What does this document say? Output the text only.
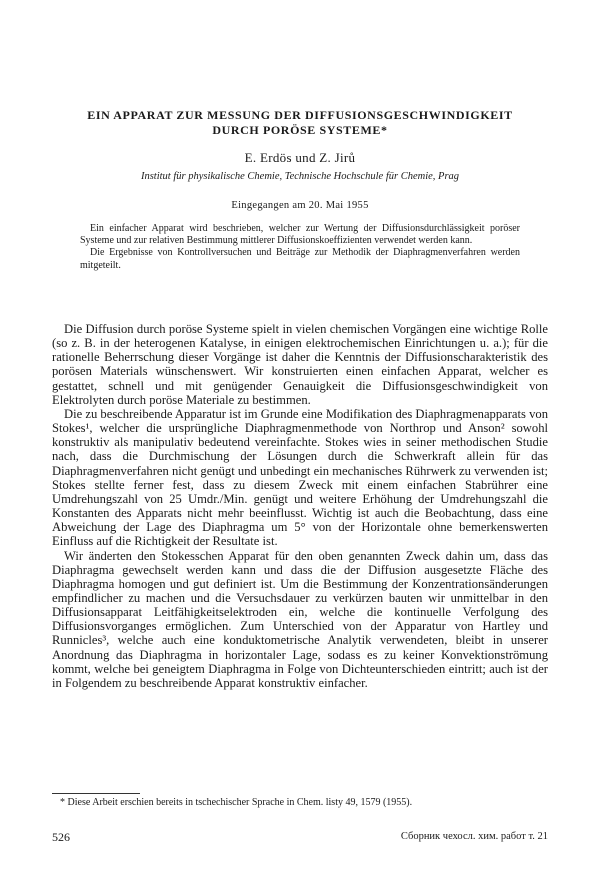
EIN APPARAT ZUR MESSUNG DER DIFFUSIONSGESCHWINDIGKEIT
DURCH PORÖSE SYSTEME*
E. Erdös und Z. Jirů
Institut für physikalische Chemie, Technische Hochschule für Chemie, Prag
Eingegangen am 20. Mai 1955

Ein einfacher Apparat wird beschrieben, welcher zur Wertung der Diffusionsdurchlässigkeit poröser Systeme und zur relativen Bestimmung mittlerer Diffusionskoeffizienten verwendet werden kann.

Die Ergebnisse von Kontrollversuchen und Beiträge zur Methodik der Diaphragmenverfahren werden mitgeteilt.

Die Diffusion durch poröse Systeme spielt in vielen chemischen Vorgängen eine wichtige Rolle (so z. B. in der heterogenen Katalyse, in einigen elektrochemischen Einrichtungen u. a.); für die rationelle Beherrschung dieser Vorgänge ist daher die Kenntnis der Diffusionscharakteristik des porösen Materials wünschenswert. Wir konstruierten einen einfachen Apparat, welcher es gestattet, schnell und mit genügender Genauigkeit die Diffusionsgeschwindigkeit von Elektrolyten durch poröse Materiale zu bestimmen.

Die zu beschreibende Apparatur ist im Grunde eine Modifikation des Diaphragmenapparats von Stokes¹, welcher die ursprüngliche Diaphragmenmethode von Northrop und Anson² sowohl konstruktiv als manipulativ bedeutend vereinfachte. Stokes wies in seiner methodischen Studie nach, dass die Durchmischung der Lösungen durch die Schwerkraft allein für das Diaphragmenverfahren nicht genügt und unbedingt ein mechanisches Rührwerk zu verwenden ist; Stokes stellte ferner fest, dass zu diesem Zweck mit einem einfachen Stabrührer eine Umdrehungszahl von 25 Umdr./Min. genügt und weitere Erhöhung der Umdrehungszahl die Konstanten des Apparats nicht mehr beeinflusst. Wichtig ist auch die Beobachtung, dass eine Abweichung der Lage des Diaphragma um 5° von der Horizontale ohne bemerkenswerten Einfluss auf die Richtigkeit der Resultate ist.

Wir änderten den Stokesschen Apparat für den oben genannten Zweck dahin um, dass das Diaphragma gewechselt werden kann und dass die der Diffusion ausgesetzte Fläche des Diaphragma homogen und gut definiert ist. Um die Bestimmung der Konzentrationsänderungen empfindlicher zu machen und die Versuchsdauer zu verkürzen bauten wir unmittelbar in den Diffusionsapparat Leitfähigkeitselektroden ein, welche die kontinuelle Verfolgung des Diffusionsvorganges ermöglichen. Zum Unterschied von der Apparatur von Hartley und Runnicles³, welche auch eine konduktometrische Analytik verwendeten, bleibt in unserer Anordnung das Diaphragma in horizontaler Lage, sodass es zu keiner Konvektionströmung kommt, welche bei geneigtem Diaphragma in Folge von Dichteunterschieden eintritt; auch ist der in Folgendem zu beschreibende Apparat konstruktiv einfacher.

* Diese Arbeit erschien bereits in tschechischer Sprache in Chem. listy 49, 1579 (1955).
526	Сборник чехосл. хим. работ т. 21
